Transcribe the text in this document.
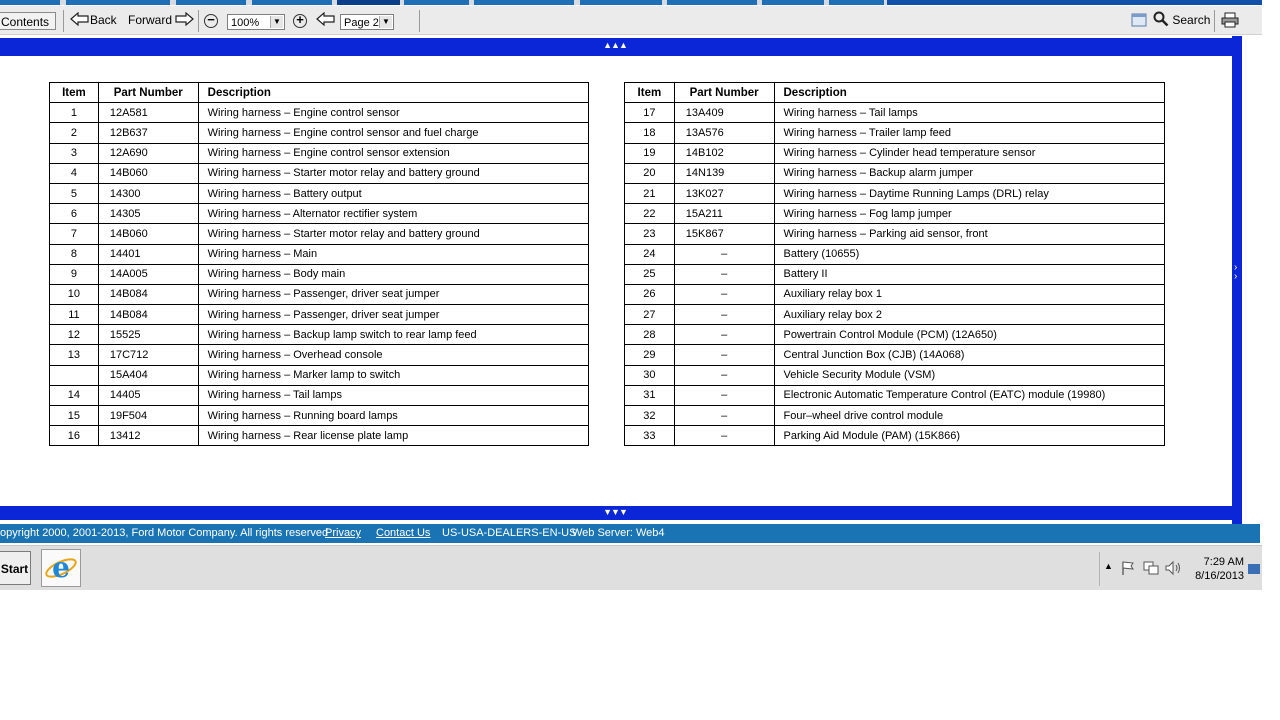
Contents	Back Forward	−	100%	▼ +	Page 2 ▼	Search
▲▲▲
›
›
▼▼▼
Item	Part Number	Description
1	12A581	Wiring harness – Engine control sensor
2	12B637	Wiring harness – Engine control sensor and fuel charge
3	12A690	Wiring harness – Engine control sensor extension
4	14B060	Wiring harness – Starter motor relay and battery ground
5	14300	Wiring harness – Battery output
6	14305	Wiring harness – Alternator rectifier system
7	14B060	Wiring harness – Starter motor relay and battery ground
8	14401	Wiring harness – Main
9	14A005	Wiring harness – Body main
10	14B084	Wiring harness – Passenger, driver seat jumper
11	14B084	Wiring harness – Passenger, driver seat jumper
12	15525	Wiring harness – Backup lamp switch to rear lamp feed
13	17C712	Wiring harness – Overhead console
	15A404	Wiring harness – Marker lamp to switch
14	14405	Wiring harness – Tail lamps
15	19F504	Wiring harness – Running board lamps
16	13412	Wiring harness – Rear license plate lamp
Item	Part Number	Description
17	13A409	Wiring harness – Tail lamps
18	13A576	Wiring harness – Trailer lamp feed
19	14B102	Wiring harness – Cylinder head temperature sensor
20	14N139	Wiring harness – Backup alarm jumper
21	13K027	Wiring harness – Daytime Running Lamps (DRL) relay
22	15A211	Wiring harness – Fog lamp jumper
23	15K867	Wiring harness – Parking aid sensor, front
24	–	Battery (10655)
25	–	Battery II
26	–	Auxiliary relay box 1
27	–	Auxiliary relay box 2
28	–	Powertrain Control Module (PCM) (12A650)
29	–	Central Junction Box (CJB) (14A068)
30	–	Vehicle Security Module (VSM)
31	–	Electronic Automatic Temperature Control (EATC) module (19980)
32	–	Four–wheel drive control module
33	–	Parking Aid Module (PAM) (15K866)
opyright 2000, 2001-2013, Ford Motor Company. All rights reserved
Privacy Contact Us US-USA-DEALERS-EN-US
Web Server: Web4
Start e	▲	7:29 AM
8/16/2013
